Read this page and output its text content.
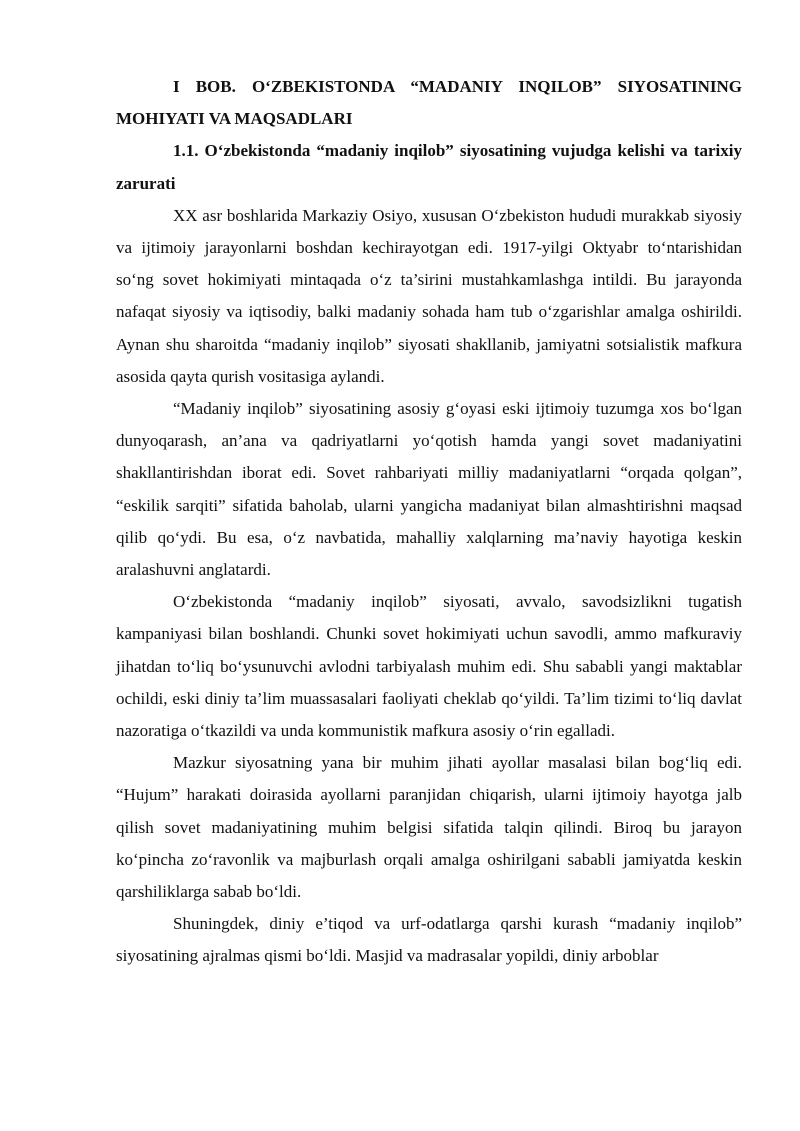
I BOB. O‘ZBEKISTONDA “MADANIY INQILOB” SIYOSATINING MOHIYATI VA MAQSADLARI

1.1. O‘zbekistonda “madaniy inqilob” siyosatining vujudga kelishi va tarixiy zarurati

XX asr boshlarida Markaziy Osiyo, xususan O‘zbekiston hududi murakkab siyosiy va ijtimoiy jarayonlarni boshdan kechirayotgan edi. 1917-yilgi Oktyabr to‘ntarishidan so‘ng sovet hokimiyati mintaqada o‘z ta’sirini mustahkamlashga intildi. Bu jarayonda nafaqat siyosiy va iqtisodiy, balki madaniy sohada ham tub o‘zgarishlar amalga oshirildi. Aynan shu sharoitda “madaniy inqilob” siyosati shakllanib, jamiyatni sotsialistik mafkura asosida qayta qurish vositasiga aylandi.

“Madaniy inqilob” siyosatining asosiy g‘oyasi eski ijtimoiy tuzumga xos bo‘lgan dunyoqarash, an’ana va qadriyatlarni yo‘qotish hamda yangi sovet madaniyatini shakllantirishdan iborat edi. Sovet rahbariyati milliy madaniyatlarni “orqada qolgan”, “eskilik sarqiti” sifatida baholab, ularni yangicha madaniyat bilan almashtirishni maqsad qilib qo‘ydi. Bu esa, o‘z navbatida, mahalliy xalqlarning ma’naviy hayotiga keskin aralashuvni anglatardi.

O‘zbekistonda “madaniy inqilob” siyosati, avvalo, savodsizlikni tugatish kampaniyasi bilan boshlandi. Chunki sovet hokimiyati uchun savodli, ammo mafkuraviy jihatdan to‘liq bo‘ysunuvchi avlodni tarbiyalash muhim edi. Shu sababli yangi maktablar ochildi, eski diniy ta’lim muassasalari faoliyati cheklab qo‘yildi. Ta’lim tizimi to‘liq davlat nazoratiga o‘tkazildi va unda kommunistik mafkura asosiy o‘rin egalladi.

Mazkur siyosatning yana bir muhim jihati ayollar masalasi bilan bog‘liq edi. “Hujum” harakati doirasida ayollarni paranjidan chiqarish, ularni ijtimoiy hayotga jalb qilish sovet madaniyatining muhim belgisi sifatida talqin qilindi. Biroq bu jarayon ko‘pincha zo‘ravonlik va majburlash orqali amalga oshirilgani sababli jamiyatda keskin qarshiliklarga sabab bo‘ldi.

Shuningdek, diniy e’tiqod va urf-odatlarga qarshi kurash “madaniy inqilob” siyosatining ajralmas qismi bo‘ldi. Masjid va madrasalar yopildi, diniy arboblar
